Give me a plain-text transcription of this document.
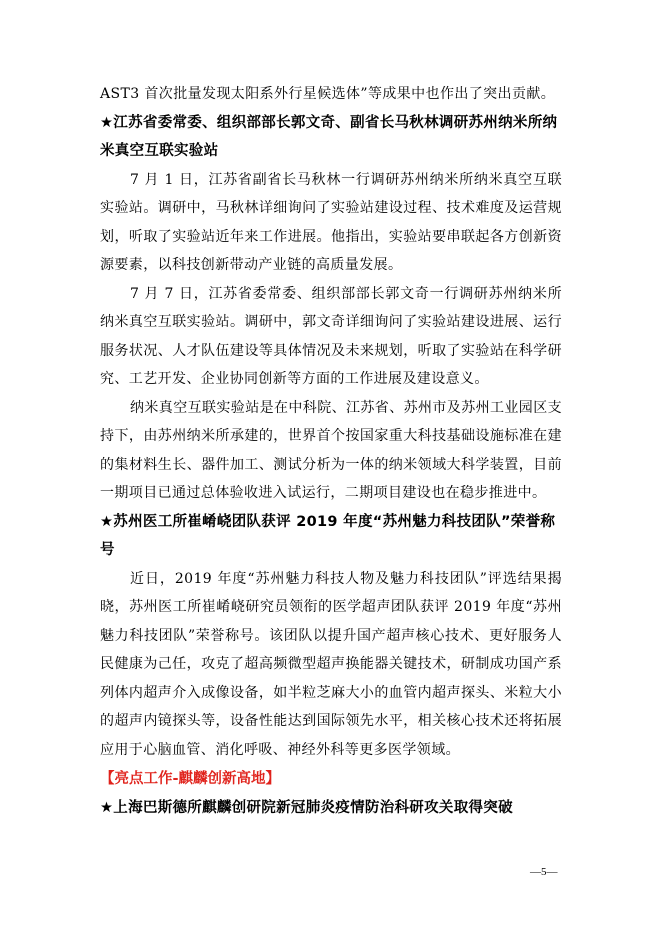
AST3 首次批量发现太阳系外行星候选体”等成果中也作出了突出贡献。

★江苏省委常委、组织部部长郭文奇、副省长马秋林调研苏州纳米所纳米真空互联实验站

7 月 1 日，江苏省副省长马秋林一行调研苏州纳米所纳米真空互联实验站。调研中，马秋林详细询问了实验站建设过程、技术难度及运营规划，听取了实验站近年来工作进展。他指出，实验站要串联起各方创新资源要素，以科技创新带动产业链的高质量发展。

7 月 7 日，江苏省委常委、组织部部长郭文奇一行调研苏州纳米所纳米真空互联实验站。调研中，郭文奇详细询问了实验站建设进展、运行服务状况、人才队伍建设等具体情况及未来规划，听取了实验站在科学研究、工艺开发、企业协同创新等方面的工作进展及建设意义。

纳米真空互联实验站是在中科院、江苏省、苏州市及苏州工业园区支持下，由苏州纳米所承建的，世界首个按国家重大科技基础设施标准在建的集材料生长、器件加工、测试分析为一体的纳米领域大科学装置，目前一期项目已通过总体验收进入试运行，二期项目建设也在稳步推进中。

★苏州医工所崔崤峣团队获评 2019 年度“苏州魅力科技团队”荣誉称号

近日，2019 年度“苏州魅力科技人物及魅力科技团队”评选结果揭晓，苏州医工所崔崤峣研究员领衔的医学超声团队获评 2019 年度“苏州魅力科技团队”荣誉称号。该团队以提升国产超声核心技术、更好服务人民健康为己任，攻克了超高频微型超声换能器关键技术，研制成功国产系列体内超声介入成像设备，如半粒芝麻大小的血管内超声探头、米粒大小的超声内镜探头等，设备性能达到国际领先水平，相关核心技术还将拓展应用于心脑血管、消化呼吸、神经外科等更多医学领域。

【亮点工作-麒麟创新高地】

★上海巴斯德所麒麟创研院新冠肺炎疫情防治科研攻关取得突破

—5—
